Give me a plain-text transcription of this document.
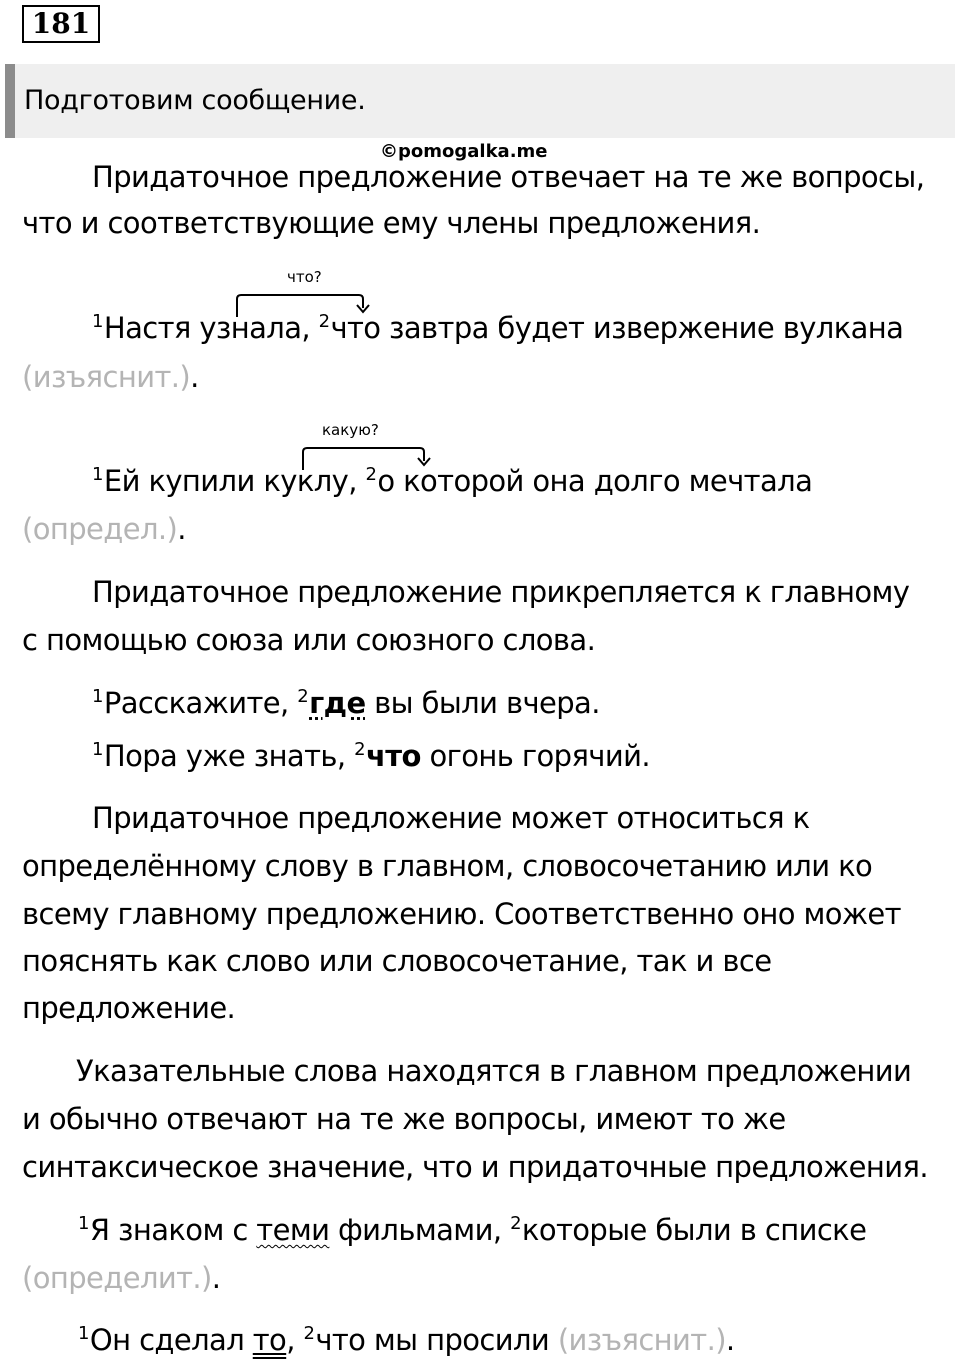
181
Подготовим сообщение.
©pomogalka.me
Придаточное предложение отвечает на те же вопросы,
что и соответствующие ему члены предложения.
что?
$^1$Настя узнала, $^2$что завтра будет извержение вулкана
(изъяснит.).
какую?
$^1$Ей купили куклу, $^2$о которой она долго мечтала
(определ.).
Придаточное предложение прикрепляется к главному
с помощью союза или союзного слова.
$^1$Расскажите, $^2$где вы были вчера.
$^1$Пора уже знать, $^2$что огонь горячий.
Придаточное предложение может относиться к
определённому слову в главном, словосочетанию или ко
всему главному предложению. Соответственно оно может
пояснять как слово или словосочетание, так и все
предложение.
Указательные слова находятся в главном предложении
и обычно отвечают на те же вопросы, имеют то же
синтаксическое значение, что и придаточные предложения.
$^1$Я знаком с теми фильмами, $^2$которые были в списке
(определит.).
$^1$Он сделал то, $^2$что мы просили (изъяснит.).
